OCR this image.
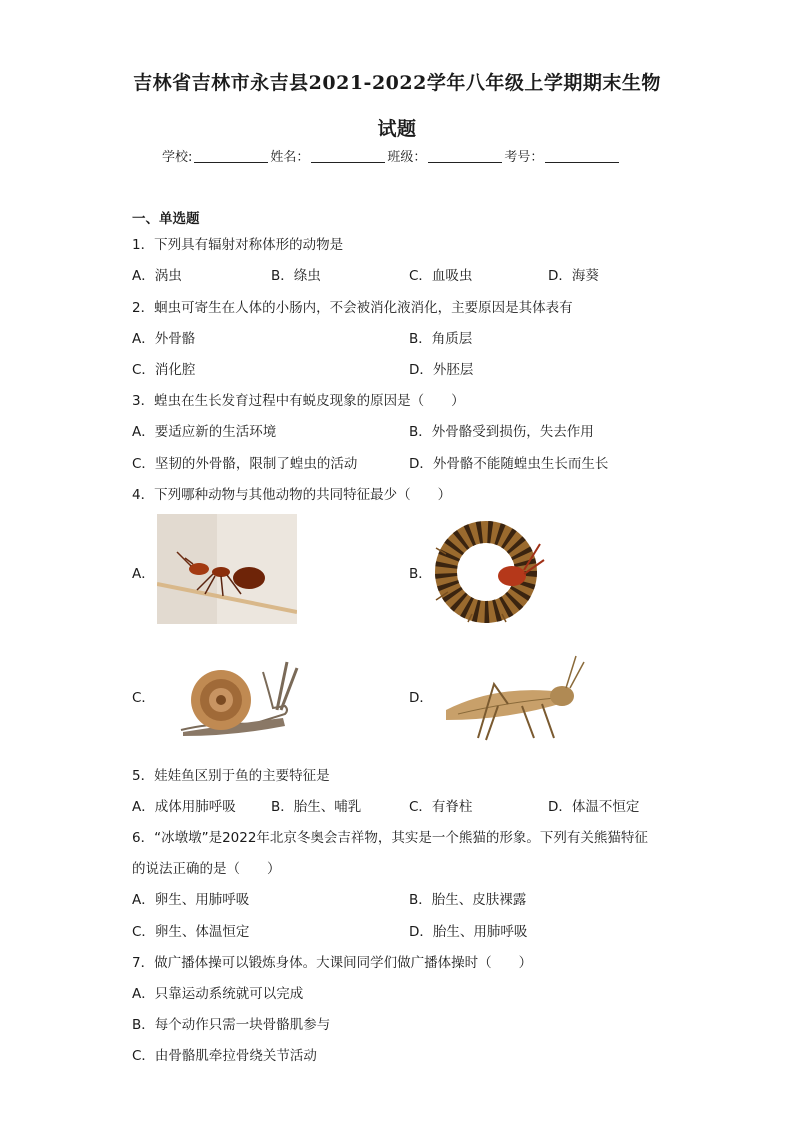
吉林省吉林市永吉县2021-2022学年八年级上学期期末生物
试题
学校:	姓名：	班级：	考号：
一、单选题
1．下列具有辐射对称体形的动物是
A．涡虫	B．绦虫	C．血吸虫	D．海葵
2．蛔虫可寄生在人体的小肠内，不会被消化液消化，主要原因是其体表有
A．外骨骼	B．角质层
C．消化腔	D．外胚层
3．蝗虫在生长发育过程中有蜕皮现象的原因是（　　）
A．要适应新的生活环境	B．外骨骼受到损伤，失去作用
C．坚韧的外骨骼，限制了蝗虫的活动	D．外骨骼不能随蝗虫生长而生长
4．下列哪种动物与其他动物的共同特征最少（　　）
A．	B．
C．	D．
5．娃娃鱼区别于鱼的主要特征是
A．成体用肺呼吸	B．胎生、哺乳	C．有脊柱	D．体温不恒定
6．“冰墩墩”是2022年北京冬奥会吉祥物，其实是一个熊猫的形象。下列有关熊猫特征
的说法正确的是（　　）
A．卵生、用肺呼吸	B．胎生、皮肤裸露
C．卵生、体温恒定	D．胎生、用肺呼吸
7．做广播体操可以锻炼身体。大课间同学们做广播体操时（　　）
A．只靠运动系统就可以完成
B．每个动作只需一块骨骼肌参与
C．由骨骼肌牵拉骨绕关节活动
